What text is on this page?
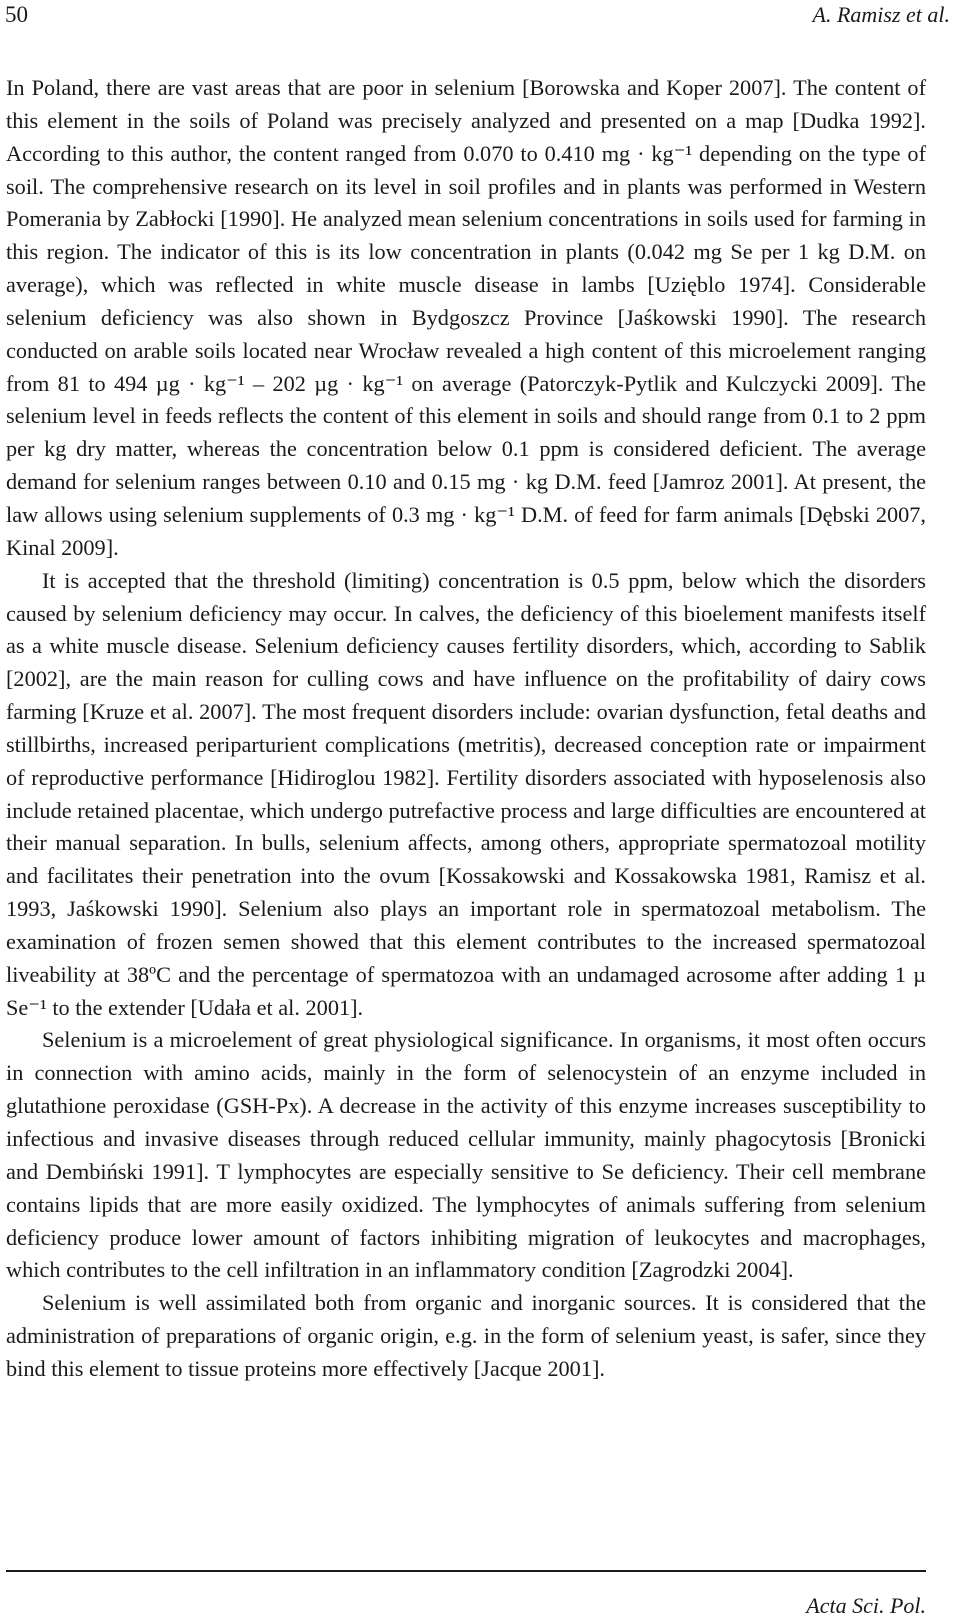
50	A. Ramisz et al.

In Poland, there are vast areas that are poor in selenium [Borowska and Koper 2007]. The content of this element in the soils of Poland was precisely analyzed and presented on a map [Dudka 1992]. According to this author, the content ranged from 0.070 to 0.410 mg · kg⁻¹ depending on the type of soil. The comprehensive research on its level in soil profiles and in plants was performed in Western Pomerania by Zabłocki [1990]. He analyzed mean selenium concentrations in soils used for farming in this region. The indicator of this is its low concentration in plants (0.042 mg Se per 1 kg D.M. on average), which was reflected in white muscle disease in lambs [Uzięblo 1974]. Considerable selenium deficiency was also shown in Bydgoszcz Province [Jaśkowski 1990]. The research conducted on arable soils located near Wrocław revealed a high content of this microelement ranging from 81 to 494 µg · kg⁻¹ – 202 µg · kg⁻¹ on average (Patorczyk-Pytlik and Kulczycki 2009]. The selenium level in feeds reflects the content of this element in soils and should range from 0.1 to 2 ppm per kg dry matter, whereas the concentration below 0.1 ppm is considered deficient. The average demand for selenium ranges between 0.10 and 0.15 mg · kg D.M. feed [Jamroz 2001]. At present, the law allows using selenium supplements of 0.3 mg · kg⁻¹ D.M. of feed for farm animals [Dębski 2007, Kinal 2009].

It is accepted that the threshold (limiting) concentration is 0.5 ppm, below which the disorders caused by selenium deficiency may occur. In calves, the deficiency of this bioelement manifests itself as a white muscle disease. Selenium deficiency causes fertility disorders, which, according to Sablik [2002], are the main reason for culling cows and have influence on the profitability of dairy cows farming [Kruze et al. 2007]. The most frequent disorders include: ovarian dysfunction, fetal deaths and stillbirths, increased periparturient complications (metritis), decreased conception rate or impairment of reproductive performance [Hidiroglou 1982]. Fertility disorders associated with hyposelenosis also include retained placentae, which undergo putrefactive process and large difficulties are encountered at their manual separation. In bulls, selenium affects, among others, appropriate spermatozoal motility and facilitates their penetration into the ovum [Kossakowski and Kossakowska 1981, Ramisz et al. 1993, Jaśkowski 1990]. Selenium also plays an important role in spermatozoal metabolism. The examination of frozen semen showed that this element contributes to the increased spermatozoal liveability at 38ºC and the percentage of spermatozoa with an undamaged acrosome after adding 1 µ Se⁻¹ to the extender [Udała et al. 2001].

Selenium is a microelement of great physiological significance. In organisms, it most often occurs in connection with amino acids, mainly in the form of selenocystein of an enzyme included in glutathione peroxidase (GSH-Px). A decrease in the activity of this enzyme increases susceptibility to infectious and invasive diseases through reduced cellular immunity, mainly phagocytosis [Bronicki and Dembiński 1991]. T lymphocytes are especially sensitive to Se deficiency. Their cell membrane contains lipids that are more easily oxidized. The lymphocytes of animals suffering from selenium deficiency produce lower amount of factors inhibiting migration of leukocytes and macrophages, which contributes to the cell infiltration in an inflammatory condition [Zagrodzki 2004].

Selenium is well assimilated both from organic and inorganic sources. It is considered that the administration of preparations of organic origin, e.g. in the form of selenium yeast, is safer, since they bind this element to tissue proteins more effectively [Jacque 2001].

Acta Sci. Pol.
